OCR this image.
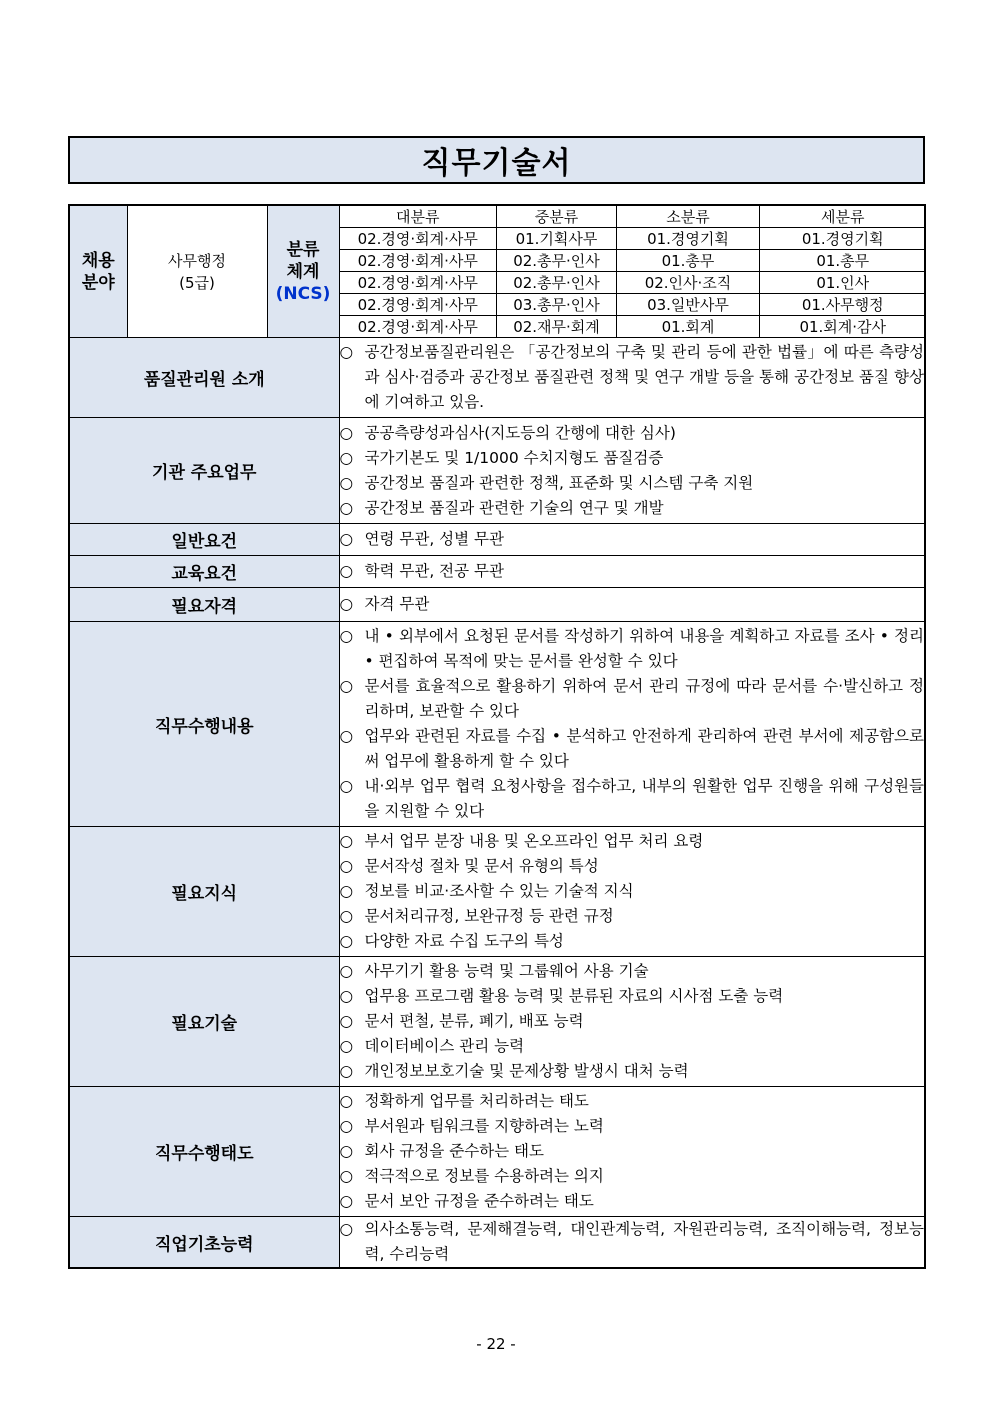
직무기술서
채용
분야

사무행정
(5급)

분류
체계
(NCS)

대분류	중분류	소분류	세분류
02.경영·회계·사무	01.기획사무	01.경영기획	01.경영기획
02.경영·회계·사무	02.총무·인사	01.총무	01.총무
02.경영·회계·사무	02.총무·인사	02.인사·조직	01.인사
02.경영·회계·사무	03.총무·인사	03.일반사무	01.사무행정
02.경영·회계·사무	02.재무·회계	01.회계	01.회계·감사

품질관리원 소개	
○ 공간정보품질관리원은 「공간정보의 구축 및 관리 등에 관한 법률」에 따른 측량성과 심사·검증과 공간정보 품질관련 정책 및 연구 개발 등을 통해 공간정보 품질 향상에 기여하고 있음.

기관 주요업무	
○ 공공측량성과심사(지도등의 간행에 대한 심사)
○ 국가기본도 및 1/1000 수치지형도 품질검증
○ 공간정보 품질과 관련한 정책, 표준화 및 시스템 구축 지원
○ 공간정보 품질과 관련한 기술의 연구 및 개발

일반요건	○ 연령 무관, 성별 무관

교육요건	○ 학력 무관, 전공 무관

필요자격	○ 자격 무관

직무수행내용	
○ 내 • 외부에서 요청된 문서를 작성하기 위하여 내용을 계획하고 자료를 조사 • 정리 • 편집하여 목적에 맞는 문서를 완성할 수 있다
○ 문서를 효율적으로 활용하기 위하여 문서 관리 규정에 따라 문서를 수·발신하고 정리하며, 보관할 수 있다
○ 업무와 관련된 자료를 수집 • 분석하고 안전하게 관리하여 관련 부서에 제공함으로써 업무에 활용하게 할 수 있다
○ 내·외부 업무 협력 요청사항을 접수하고, 내부의 원활한 업무 진행을 위해 구성원들을 지원할 수 있다

필요지식	
○ 부서 업무 분장 내용 및 온오프라인 업무 처리 요령
○ 문서작성 절차 및 문서 유형의 특성
○ 정보를 비교·조사할 수 있는 기술적 지식
○ 문서처리규정, 보완규정 등 관련 규정
○ 다양한 자료 수집 도구의 특성

필요기술	
○ 사무기기 활용 능력 및 그룹웨어 사용 기술
○ 업무용 프로그램 활용 능력 및 분류된 자료의 시사점 도출 능력
○ 문서 편철, 분류, 폐기, 배포 능력
○ 데이터베이스 관리 능력
○ 개인정보보호기술 및 문제상황 발생시 대처 능력

직무수행태도	
○ 정확하게 업무를 처리하려는 태도
○ 부서원과 팀워크를 지향하려는 노력
○ 회사 규정을 준수하는 태도
○ 적극적으로 정보를 수용하려는 의지
○ 문서 보안 규정을 준수하려는 태도

직업기초능력	
○ 의사소통능력, 문제해결능력, 대인관계능력, 자원관리능력, 조직이해능력, 정보능력, 수리능력
- 22 -
